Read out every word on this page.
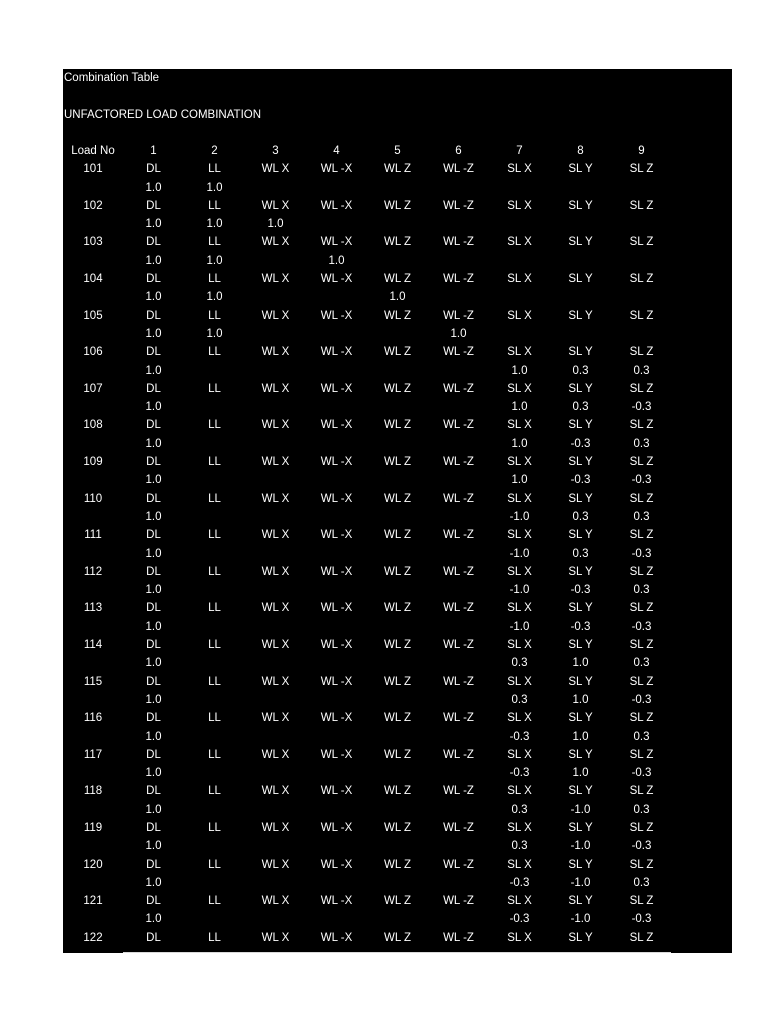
Combination Table
UNFACTORED LOAD COMBINATION
Load No	1	2	3	4	5	6	7	8	9
101	DL	LL	WL X	WL -X	WL Z	WL -Z	SL X	SL Y	SL Z
	1.0	1.0							
102	DL	LL	WL X	WL -X	WL Z	WL -Z	SL X	SL Y	SL Z
	1.0	1.0	1.0						
103	DL	LL	WL X	WL -X	WL Z	WL -Z	SL X	SL Y	SL Z
	1.0	1.0		1.0					
104	DL	LL	WL X	WL -X	WL Z	WL -Z	SL X	SL Y	SL Z
	1.0	1.0			1.0				
105	DL	LL	WL X	WL -X	WL Z	WL -Z	SL X	SL Y	SL Z
	1.0	1.0				1.0			
106	DL	LL	WL X	WL -X	WL Z	WL -Z	SL X	SL Y	SL Z
	1.0						1.0	0.3	0.3
107	DL	LL	WL X	WL -X	WL Z	WL -Z	SL X	SL Y	SL Z
	1.0						1.0	0.3	-0.3
108	DL	LL	WL X	WL -X	WL Z	WL -Z	SL X	SL Y	SL Z
	1.0						1.0	-0.3	0.3
109	DL	LL	WL X	WL -X	WL Z	WL -Z	SL X	SL Y	SL Z
	1.0						1.0	-0.3	-0.3
110	DL	LL	WL X	WL -X	WL Z	WL -Z	SL X	SL Y	SL Z
	1.0						-1.0	0.3	0.3
111	DL	LL	WL X	WL -X	WL Z	WL -Z	SL X	SL Y	SL Z
	1.0						-1.0	0.3	-0.3
112	DL	LL	WL X	WL -X	WL Z	WL -Z	SL X	SL Y	SL Z
	1.0						-1.0	-0.3	0.3
113	DL	LL	WL X	WL -X	WL Z	WL -Z	SL X	SL Y	SL Z
	1.0						-1.0	-0.3	-0.3
114	DL	LL	WL X	WL -X	WL Z	WL -Z	SL X	SL Y	SL Z
	1.0						0.3	1.0	0.3
115	DL	LL	WL X	WL -X	WL Z	WL -Z	SL X	SL Y	SL Z
	1.0						0.3	1.0	-0.3
116	DL	LL	WL X	WL -X	WL Z	WL -Z	SL X	SL Y	SL Z
	1.0						-0.3	1.0	0.3
117	DL	LL	WL X	WL -X	WL Z	WL -Z	SL X	SL Y	SL Z
	1.0						-0.3	1.0	-0.3
118	DL	LL	WL X	WL -X	WL Z	WL -Z	SL X	SL Y	SL Z
	1.0						0.3	-1.0	0.3
119	DL	LL	WL X	WL -X	WL Z	WL -Z	SL X	SL Y	SL Z
	1.0						0.3	-1.0	-0.3
120	DL	LL	WL X	WL -X	WL Z	WL -Z	SL X	SL Y	SL Z
	1.0						-0.3	-1.0	0.3
121	DL	LL	WL X	WL -X	WL Z	WL -Z	SL X	SL Y	SL Z
	1.0						-0.3	-1.0	-0.3
122	DL	LL	WL X	WL -X	WL Z	WL -Z	SL X	SL Y	SL Z
